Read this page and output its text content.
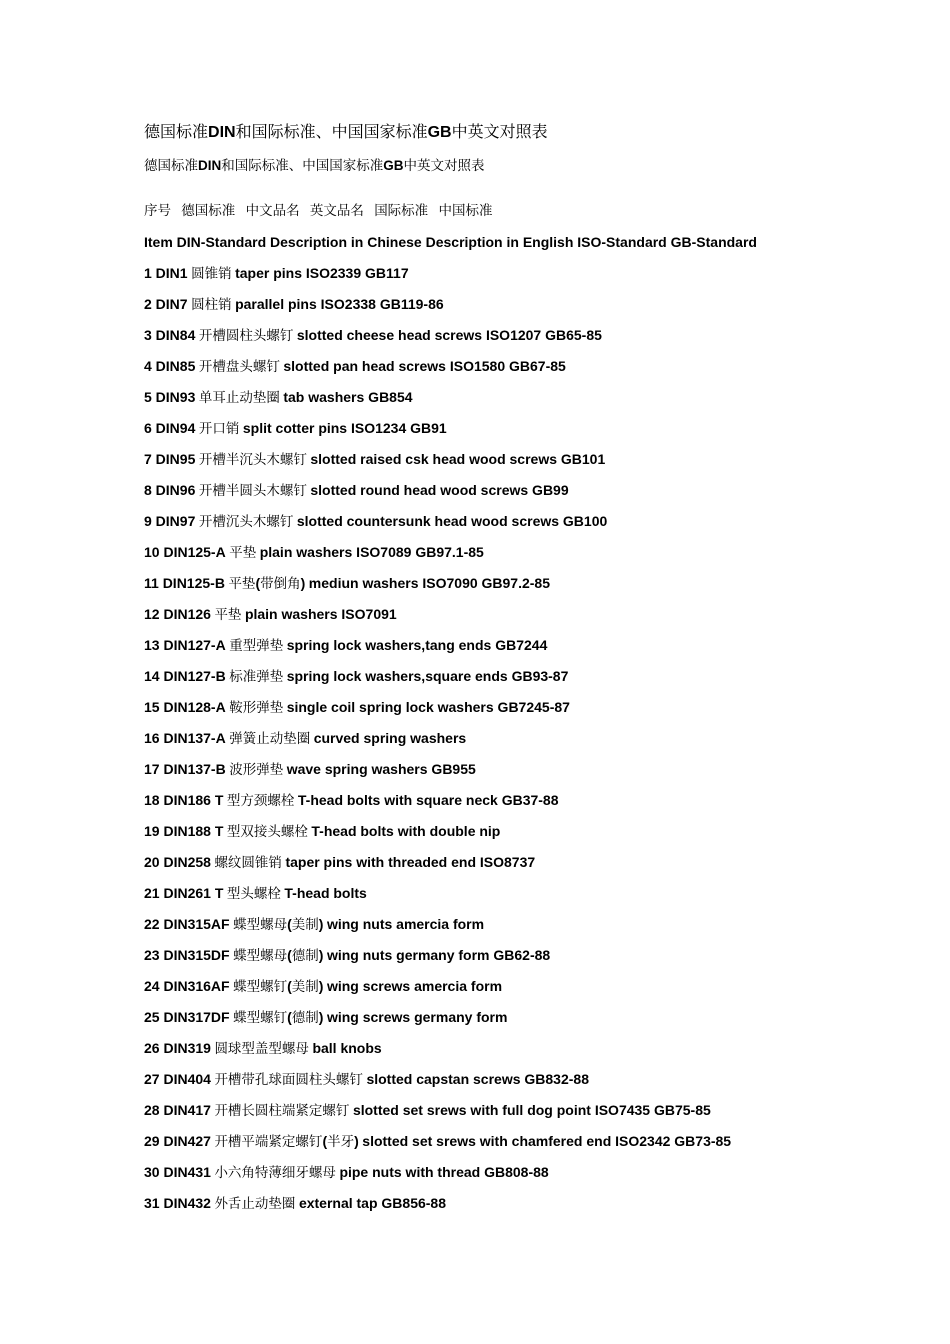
德国标准DIN和国际标准、中国国家标准GB中英文对照表
德国标准DIN和国际标准、中国国家标准GB中英文对照表
序号 德国标准 中文品名 英文品名 国际标准 中国标准
Item DIN-Standard Description in Chinese Description in English ISO-Standard GB-Standard
1 DIN1 圆锥销 taper pins ISO2339 GB117
2 DIN7 圆柱销 parallel pins ISO2338 GB119-86
3 DIN84 开槽圆柱头螺钉 slotted cheese head screws ISO1207 GB65-85
4 DIN85 开槽盘头螺钉 slotted pan head screws ISO1580 GB67-85
5 DIN93 单耳止动垫圈 tab washers GB854
6 DIN94 开口销 split cotter pins ISO1234 GB91
7 DIN95 开槽半沉头木螺钉 slotted raised csk head wood screws GB101
8 DIN96 开槽半圆头木螺钉 slotted round head wood screws GB99
9 DIN97 开槽沉头木螺钉 slotted countersunk head wood screws GB100
10 DIN125-A 平垫 plain washers ISO7089 GB97.1-85
11 DIN125-B 平垫(带倒角) mediun washers ISO7090 GB97.2-85
12 DIN126 平垫 plain washers ISO7091
13 DIN127-A 重型弹垫 spring lock washers,tang ends GB7244
14 DIN127-B 标准弹垫 spring lock washers,square ends GB93-87
15 DIN128-A 鞍形弹垫 single coil spring lock washers GB7245-87
16 DIN137-A 弹簧止动垫圈 curved spring washers
17 DIN137-B 波形弹垫 wave spring washers GB955
18 DIN186 T 型方颈螺栓 T-head bolts with square neck GB37-88
19 DIN188 T 型双接头螺栓 T-head bolts with double nip
20 DIN258 螺纹圆锥销 taper pins with threaded end ISO8737
21 DIN261 T 型头螺栓 T-head bolts
22 DIN315AF 蝶型螺母(美制) wing nuts amercia form
23 DIN315DF 蝶型螺母(德制) wing nuts germany form GB62-88
24 DIN316AF 蝶型螺钉(美制) wing screws amercia form
25 DIN317DF 蝶型螺钉(德制) wing screws germany form
26 DIN319 圆球型盖型螺母 ball knobs
27 DIN404 开槽带孔球面圆柱头螺钉 slotted capstan screws GB832-88
28 DIN417 开槽长圆柱端紧定螺钉 slotted set srews with full dog point ISO7435 GB75-85
29 DIN427 开槽平端紧定螺钉(半牙) slotted set srews with chamfered end ISO2342 GB73-85
30 DIN431 小六角特薄细牙螺母 pipe nuts with thread GB808-88
31 DIN432 外舌止动垫圈 external tap GB856-88
